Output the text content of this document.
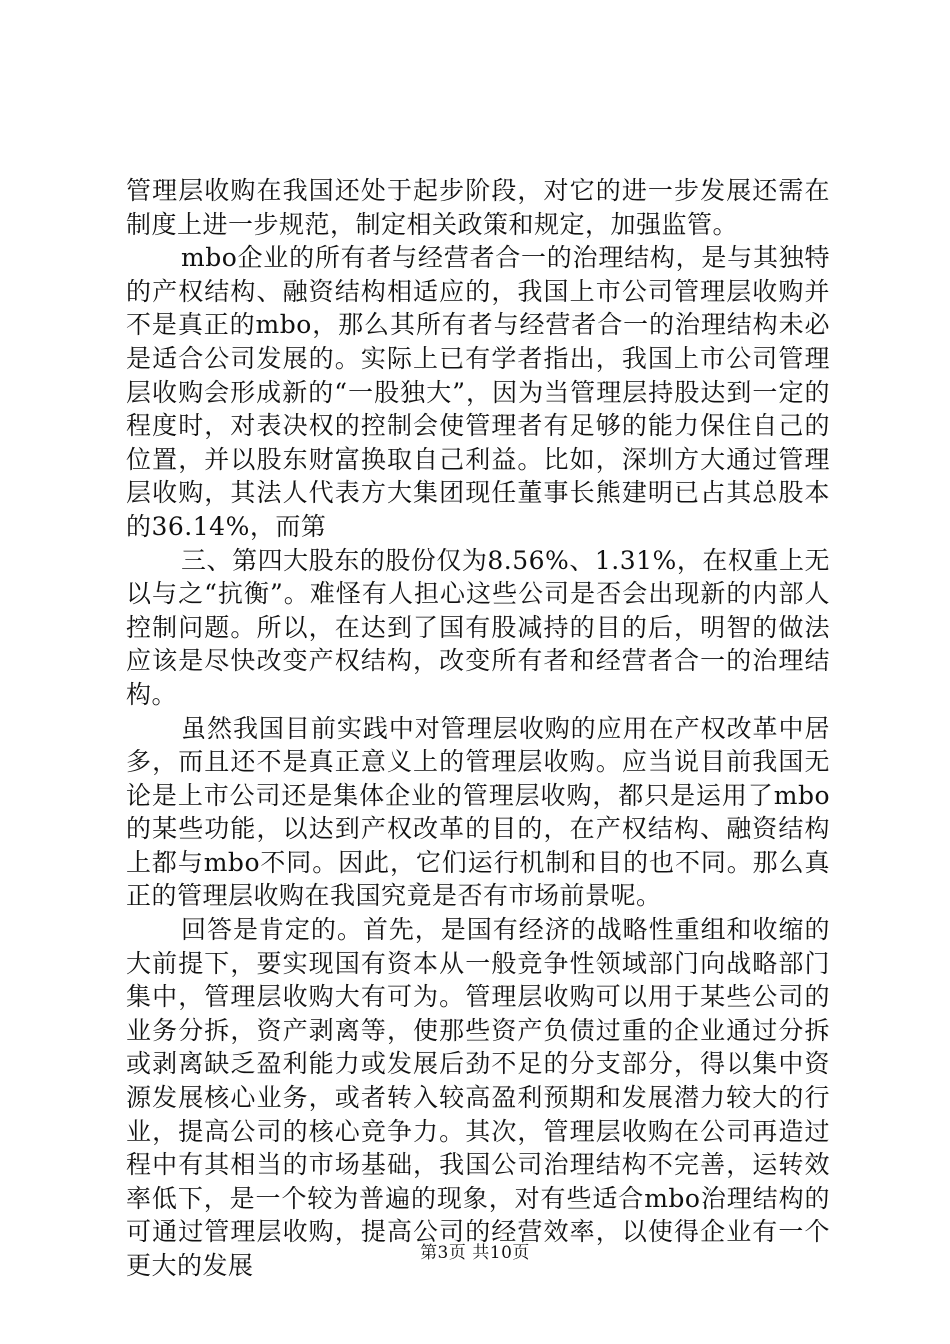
管理层收购在我国还处于起步阶段，对它的进一步发展还需在制度上进一步规范，制定相关政策和规定，加强监管。

mbo企业的所有者与经营者合一的治理结构，是与其独特的产权结构、融资结构相适应的，我国上市公司管理层收购并不是真正的mbo，那么其所有者与经营者合一的治理结构未必是适合公司发展的。实际上已有学者指出，我国上市公司管理层收购会形成新的“一股独大”，因为当管理层持股达到一定的程度时，对表决权的控制会使管理者有足够的能力保住自己的位置，并以股东财富换取自己利益。比如，深圳方大通过管理层收购，其法人代表方大集团现任董事长熊建明已占其总股本的36.14%，而第

三、第四大股东的股份仅为8.56%、1.31%，在权重上无以与之“抗衡”。难怪有人担心这些公司是否会出现新的内部人控制问题。所以，在达到了国有股减持的目的后，明智的做法应该是尽快改变产权结构，改变所有者和经营者合一的治理结构。

虽然我国目前实践中对管理层收购的应用在产权改革中居多，而且还不是真正意义上的管理层收购。应当说目前我国无论是上市公司还是集体企业的管理层收购，都只是运用了mbo的某些功能，以达到产权改革的目的，在产权结构、融资结构上都与mbo不同。因此，它们运行机制和目的也不同。那么真正的管理层收购在我国究竟是否有市场前景呢。

回答是肯定的。首先，是国有经济的战略性重组和收缩的大前提下，要实现国有资本从一般竞争性领域部门向战略部门集中，管理层收购大有可为。管理层收购可以用于某些公司的业务分拆，资产剥离等，使那些资产负债过重的企业通过分拆或剥离缺乏盈利能力或发展后劲不足的分支部分，得以集中资源发展核心业务，或者转入较高盈利预期和发展潜力较大的行业，提高公司的核心竞争力。其次，管理层收购在公司再造过程中有其相当的市场基础，我国公司治理结构不完善，运转效率低下，是一个较为普遍的现象，对有些适合mbo治理结构的可通过管理层收购，提高公司的经营效率，以使得企业有一个更大的发展	第3页 共10页
